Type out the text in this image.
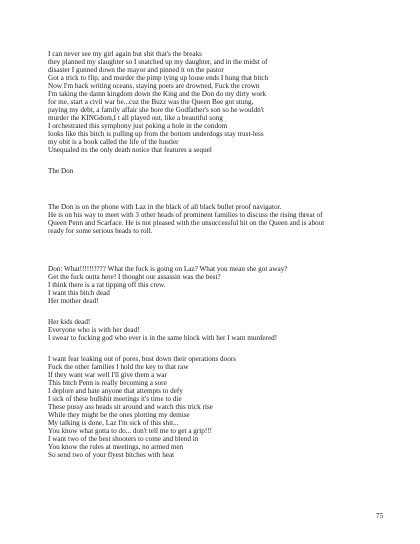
I can never see my girl again but shit that's the breaks
they planned my slaughter so I snatched up my daughter, and in the midst of
disaster I gunned down the mayor and pinned it on the pastor
Got a trick to flip, and murder the pimp tying up louse ends I hung that bitch
Now I'm back writing oceans, staying poets are drowned, Fuck the crown
I'm taking the damn kingdom down the King and the Don do my dirty work
for me, start a civil war be...cuz the Buzz was the Queen Bee got stung,
paying my debt, a family affair she bore the Godfather's son so he wouldn't
murder the KINGdom,I t all played out, like a beautiful song
I orchestrated this symphony just poking a hole in the condom
looks like this bitch is pulling up from the bottom underdogs stay trust-less
my obit is a book called the life of the hustler
Unequaled its the only death notice that features a sequel
The Don
The Don is on the phone with Laz in the black of all black bullet proof navigator.
He is on his way to meet with 3 other heads of prominent families to discuss the rising threat of
Queen Penn and Scarface. He is not pleased with the unsuccessful hit on the Queen and is about
ready for some serious heads to roll.
Don: What!!!!!!!??? What the fuck is going on Laz? What you mean she got away?
Get the fuck outta here! I thought our assassin was the best?
I think there is a rat tipping off this crew.
I want this bitch dead
Her mother dead!
Her kids dead!
Everyone who is with her dead!
I swear to fucking god who ever is in the same block with her I want murdered!
I want fear leaking out of pores, bust down their operations doors
Fuck the other families I hold the key to that raw
If they want war well I'll give them a war
This bitch Penn is really becoming a sore
I deplore and hate anyone that attempts to defy
I sick of these bullshit meetings it's time to die
These pussy ass heads sit around and watch this trick rise
While they might be the ones plotting my demise
My talking is done, Laz I'm sick of this shit...
You know what gotta to do... don't tell me to get a grip!!!
I want two of the best shooters to come and blend in
You know the rules at meetings, no armed men
So send two of your flyest bitches with heat
75
